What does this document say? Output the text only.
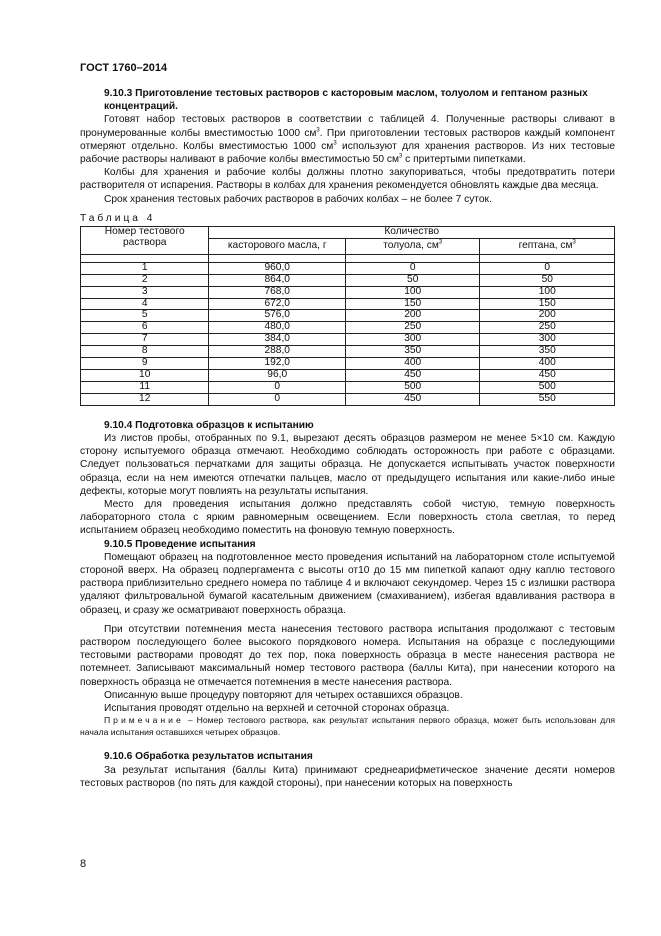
ГОСТ 1760–2014

9.10.3 Приготовление тестовых растворов с касторовым маслом, толуолом и гептаном разных концентраций.

Готовят набор тестовых растворов в соответствии с таблицей 4. Полученные растворы сливают в пронумерованные колбы вместимостью 1000 $см^3$. При приготовлении тестовых растворов каждый компонент отмеряют отдельно. Колбы вместимостью 1000 $см^3$ используют для хранения растворов. Из них тестовые рабочие растворы наливают в рабочие колбы вместимостью 50 $см^3$ с притертыми пипетками.

Колбы для хранения и рабочие колбы должны плотно закупориваться, чтобы предотвратить потери растворителя от испарения. Растворы в колбах для хранения рекомендуется обновлять каждые два месяца.

Срок хранения тестовых рабочих растворов в рабочих колбах – не более 7 суток.

Таблица 4
Номер тестового раствора	Количество		
	касторового масла, г	толуола, $см^3$	гептана, $см^3$

1	960,0	0	0
2	864,0	50	50
3	768,0	100	100
4	672,0	150	150
5	576,0	200	200
6	480,0	250	250
7	384,0	300	300
8	288,0	350	350
9	192,0	400	400
10	96,0	450	450
11	0	500	500
12	0	450	550

9.10.4 Подготовка образцов к испытанию

Из листов пробы, отобранных по 9.1, вырезают десять образцов размером не менее 5×10 см. Каждую сторону испытуемого образца отмечают. Необходимо соблюдать осторожность при работе с образцами. Следует пользоваться перчатками для защиты образца. Не допускается испытывать участок поверхности образца, если на нем имеются отпечатки пальцев, масло от предыдущего испытания или какие-либо иные дефекты, которые могут повлиять на результаты испытания.

Место для проведения испытания должно представлять собой чистую, темную поверхность лабораторного стола с ярким равномерным освещением. Если поверхность стола светлая, то перед испытанием образец необходимо поместить на фоновую темную поверхность.

9.10.5 Проведение испытания

Помещают образец на подготовленное место проведения испытаний на лабораторном столе испытуемой стороной вверх. На образец подпергамента с высоты от10 до 15 мм пипеткой капают одну каплю тестового раствора приблизительно среднего номера по таблице 4 и включают секундомер. Через 15 с излишки раствора удаляют фильтровальной бумагой касательным движением (смахиванием), избегая вдавливания раствора в образец, и сразу же осматривают поверхность образца.

При отсутствии потемнения места нанесения тестового раствора испытания продолжают с тестовым раствором последующего более высокого порядкового номера. Испытания на образце с последующими тестовыми растворами проводят до тех пор, пока поверхность образца в месте нанесения раствора не потемнеет. Записывают максимальный номер тестового раствора (баллы Кита), при нанесении которого на поверхность образца не отмечается потемнения в месте нанесения раствора.

Описанную выше процедуру повторяют для четырех оставшихся образцов.

Испытания проводят отдельно на верхней и сеточной сторонах образца.

Примечание – Номер тестового раствора, как результат испытания первого образца, может быть использован для начала испытания оставшихся четырех образцов.

9.10.6 Обработка результатов испытания

За результат испытания (баллы Кита) принимают среднеарифметическое значение десяти номеров тестовых растворов (по пять для каждой стороны), при нанесении которых на поверхность

8
